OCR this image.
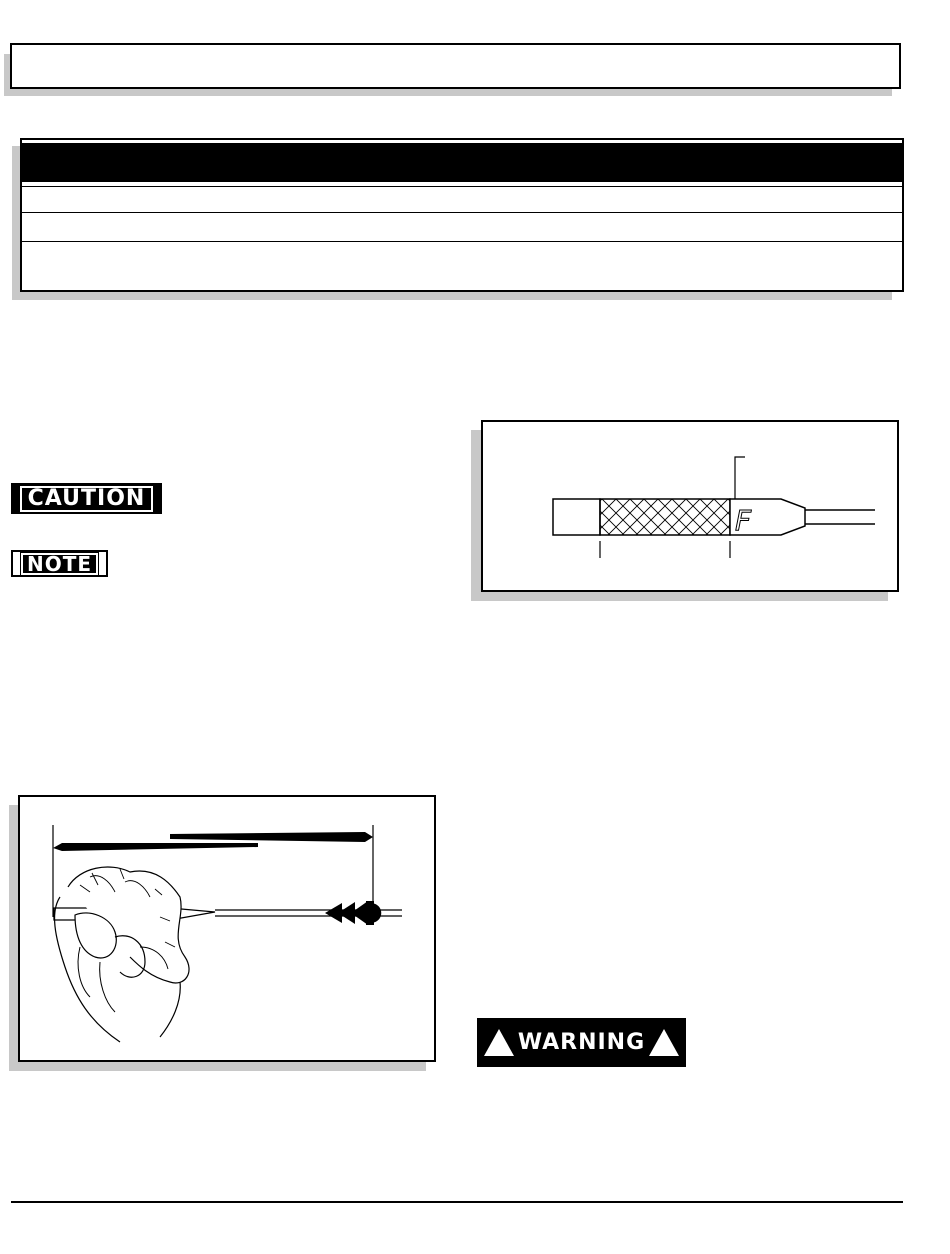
CAUTION
NOTE
F
WARNING
